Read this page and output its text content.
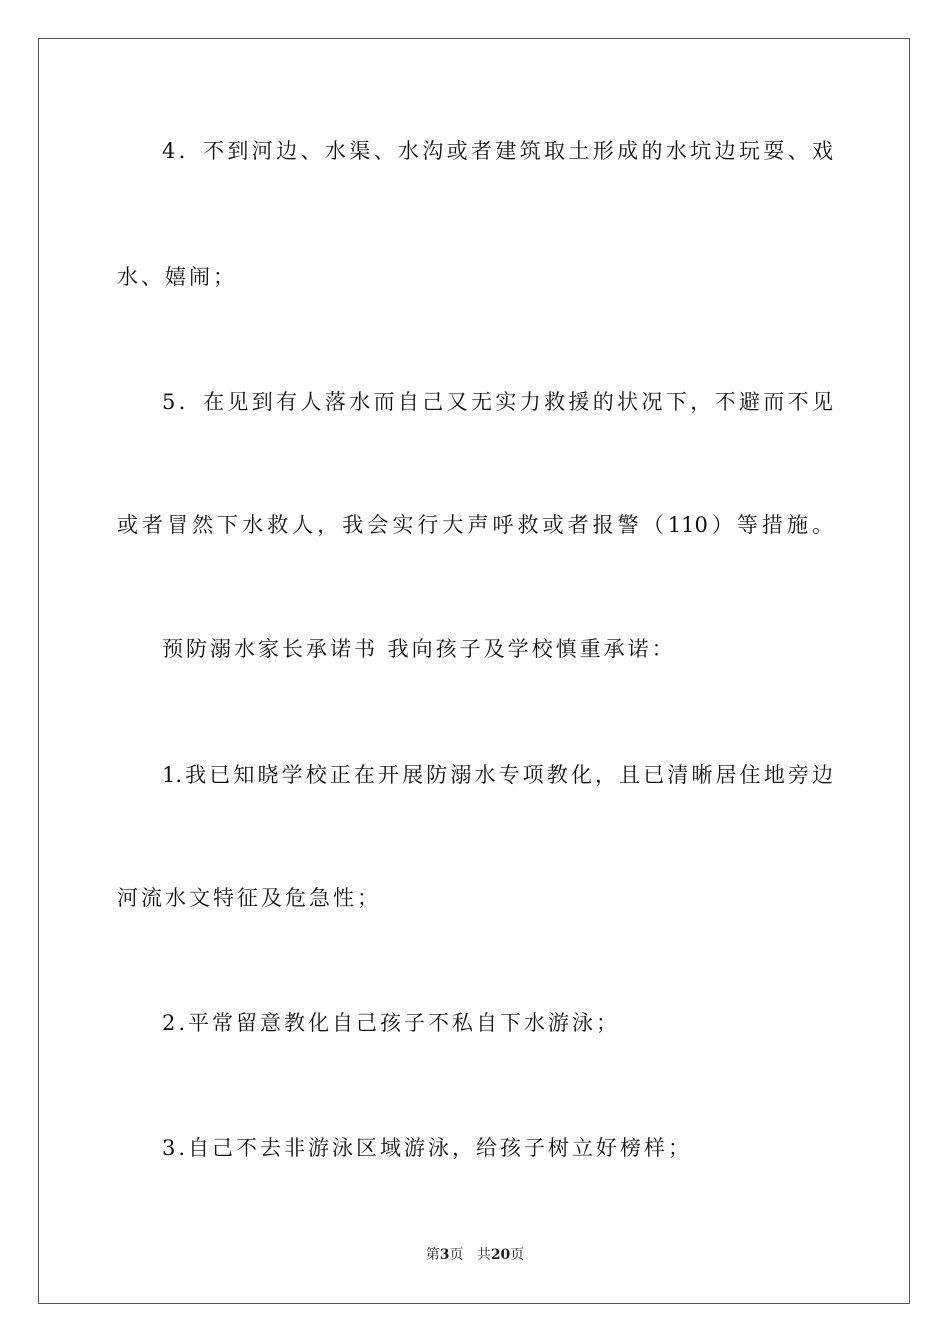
4．不到河边、水渠、水沟或者建筑取土形成的水坑边玩耍、戏
水、嬉闹；
5．在见到有人落水而自己又无实力救援的状况下，不避而不见
或者冒然下水救人，我会实行大声呼救或者报警（110）等措施。
预防溺水家长承诺书 我向孩子及学校慎重承诺：
1.我已知晓学校正在开展防溺水专项教化，且已清晰居住地旁边
河流水文特征及危急性；
2.平常留意教化自己孩子不私自下水游泳；
3.自己不去非游泳区域游泳，给孩子树立好榜样；
第3页 共20页
